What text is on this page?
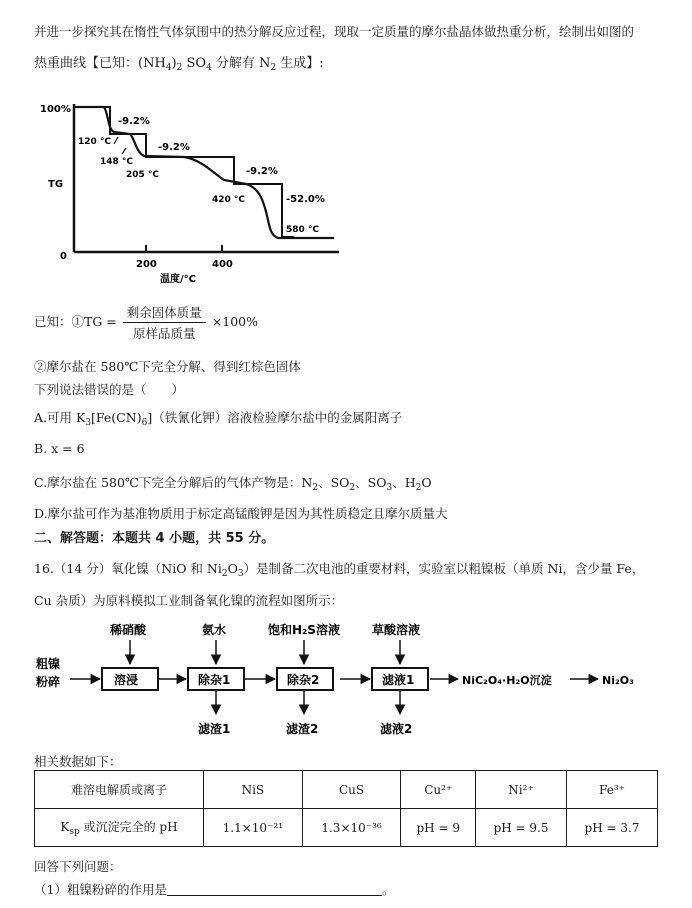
并进一步探究其在惰性气体氛围中的热分解反应过程，现取一定质量的摩尔盐晶体做热重分析，绘制出如图的
热重曲线【已知：$(NH_4)_2$ $SO_4$ 分解有 $N_2$ 生成】:
100%
TG
0
200	400
温度/°C
-9.2%
120 °C
148 °C
-9.2%
205 °C	-9.2%
420 °C	-52.0%
580 °C
已知：①TG = $\frac{\text{剩余固体质量}}{\text{原样品质量}} \times 100\%$
②摩尔盐在 580℃下完全分解、得到红棕色固体
下列说法错误的是（　　）
A.可用 $K_3[Fe(CN)_6]$（铁氰化钾）溶液检验摩尔盐中的金属阳离子
B. x = 6
C.摩尔盐在 580℃下完全分解后的气体产物是：$N_2$、$SO_2$、$SO_3$、$H_2O$
D.摩尔盐可作为基准物质用于标定高锰酸钾是因为其性质稳定且摩尔质量大
二、解答题：本题共 4 小题，共 55 分。
16.（14 分）氧化镍（NiO 和 $Ni_2O_3$）是制备二次电池的重要材料，实验室以粗镍板（单质 Ni，含少量 Fe，
Cu 杂质）为原料模拟工业制备氧化镍的流程如图所示：
粗镍
粉碎
稀硝酸	氨水	饱和H₂S溶液	草酸溶液
溶浸	除杂1	除杂2	滤液1	NiC₂O₄·H₂O沉淀	Ni₂O₃
滤渣1	滤渣2	滤液2
相关数据如下：
难溶电解质或离子	NiS	CuS	Cu²⁺	Ni²⁺	Fe³⁺
$K_{sp}$ 或沉淀完全的 pH	1.1×10⁻²¹	1.3×10⁻³⁶	pH = 9	pH = 9.5	pH = 3.7
回答下列问题：
（1）粗镍粉碎的作用是	。
